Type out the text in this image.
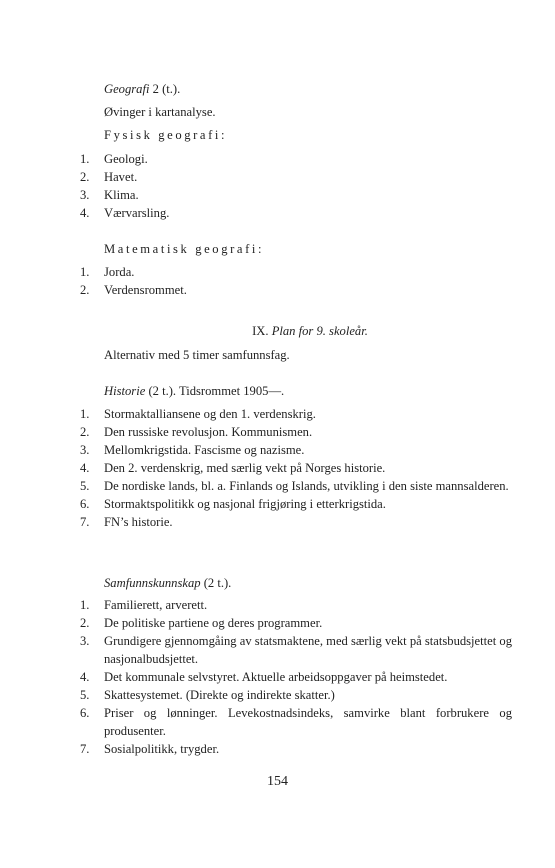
Geografi 2 (t.).
Øvinger i kartanalyse.
Fysisk geografi:
1.	Geologi.
2.	Havet.
3.	Klima.
4.	Værvarsling.
Matematisk geografi:
1.	Jorda.
2.	Verdensrommet.
IX. Plan for 9. skoleår.
Alternativ med 5 timer samfunnsfag.
Historie (2 t.). Tidsrommet 1905—.
1.	Stormaktalliansene og den 1. verdenskrig.
2.	Den russiske revolusjon. Kommunismen.
3.	Mellomkrigstida. Fascisme og nazisme.
4.	Den 2. verdenskrig, med særlig vekt på Norges historie.
5.	De nordiske lands, bl. a. Finlands og Islands, utvikling i den siste mannsalderen.
6.	Stormaktspolitikk og nasjonal frigjøring i etterkrigstida.
7.	FN’s historie.
Samfunnskunnskap (2 t.).
1.	Familierett, arverett.
2.	De politiske partiene og deres programmer.
3.	Grundigere gjennomgåing av statsmaktene, med særlig vekt på statsbudsjettet og nasjonalbudsjettet.
4.	Det kommunale selvstyret. Aktuelle arbeidsoppgaver på heimstedet.
5.	Skattesystemet. (Direkte og indirekte skatter.)
6.	Priser og lønninger. Levekostnadsindeks, samvirke blant forbrukere og produsenter.
7.	Sosialpolitikk, trygder.
154
